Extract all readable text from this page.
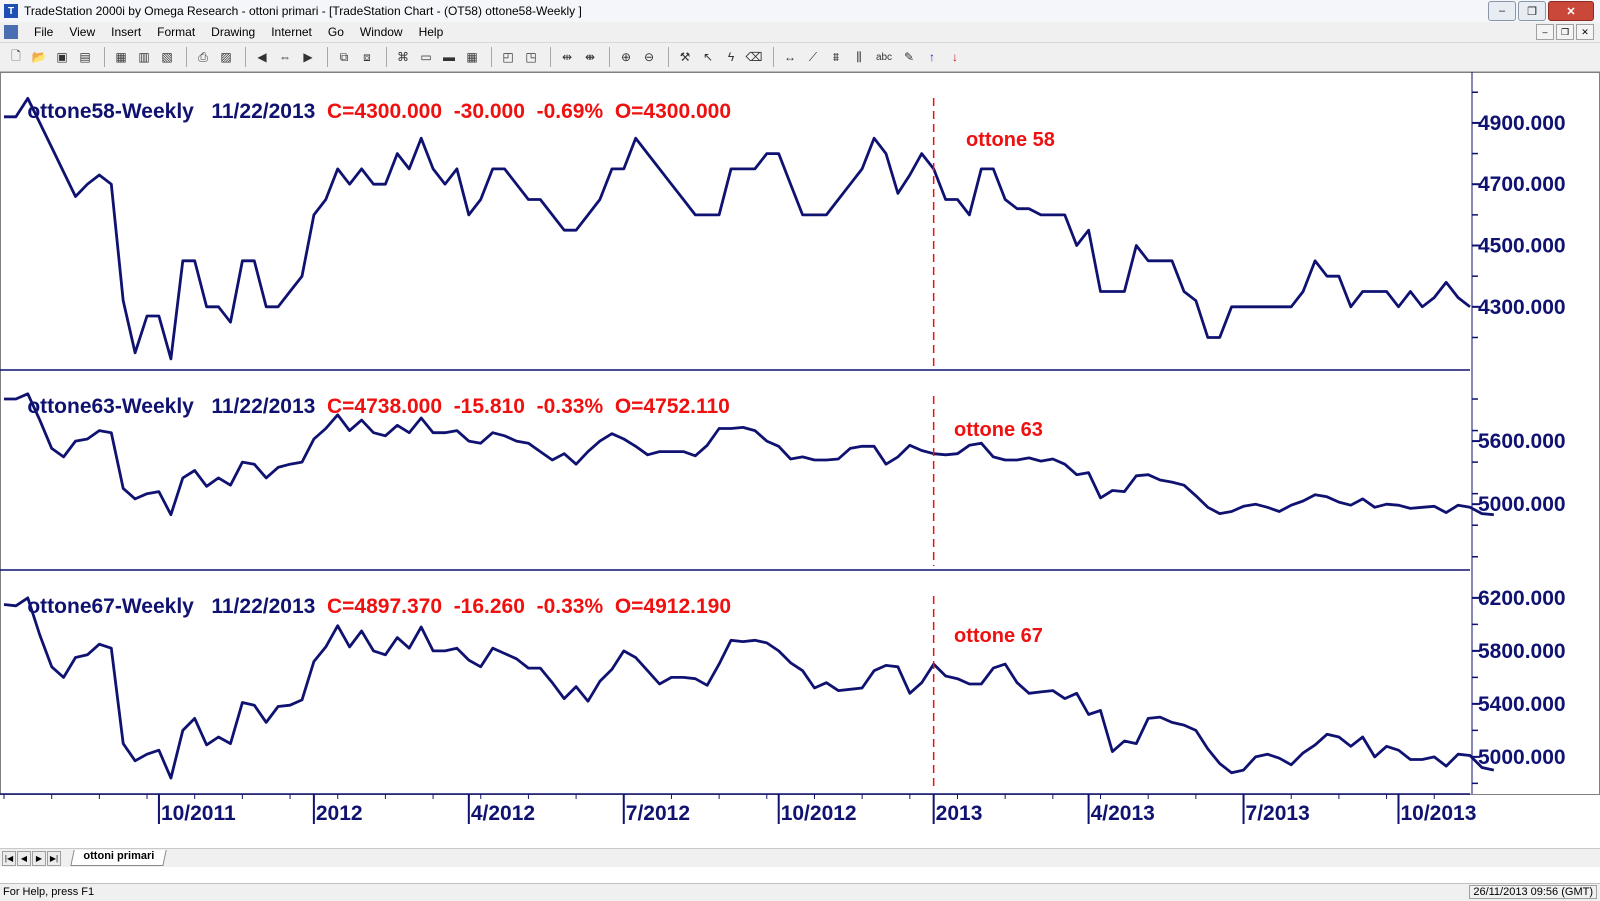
T TradeStation 2000i by Omega Research - ottoni primari - [TradeStation Chart - (OT58) ottone58-Weekly ]	–	❐	✕
File	View	Insert	Format	Drawing	Internet	Go	Window	Help	–	❐	✕
🗋 📂 ▣ ▤	▦ ▥ ▧	⎙	▨	◀	⇔	▶	⧉	⧈	⌘ ▭ ▬ ▦	◰ ◳	⇹	⇼	⊕	⊖	⚒	↖	ϟ ⌫	↔	⟋	⩩	⫼	abc ✎	↑	↓
4900.000
4700.000
4500.000
4300.000
5600.000
5000.000
6200.000
5800.000
5400.000
5000.000
10/2011	2012	4/2012	7/2012	10/2012	2013	4/2013	7/2013	10/2013

ottone58-Weekly 11/22/2013 C=4300.000 -30.000 -0.69% O=4300.000

ottone 58

ottone63-Weekly 11/22/2013 C=4738.000 -15.810 -0.33% O=4752.110

ottone 63

ottone67-Weekly 11/22/2013 C=4897.370 -16.260 -0.33% O=4912.190

ottone 67
|◀ ◀	▶ ▶|	ottoni primari
For Help, press F1	26/11/2013 09:56 (GMT)
